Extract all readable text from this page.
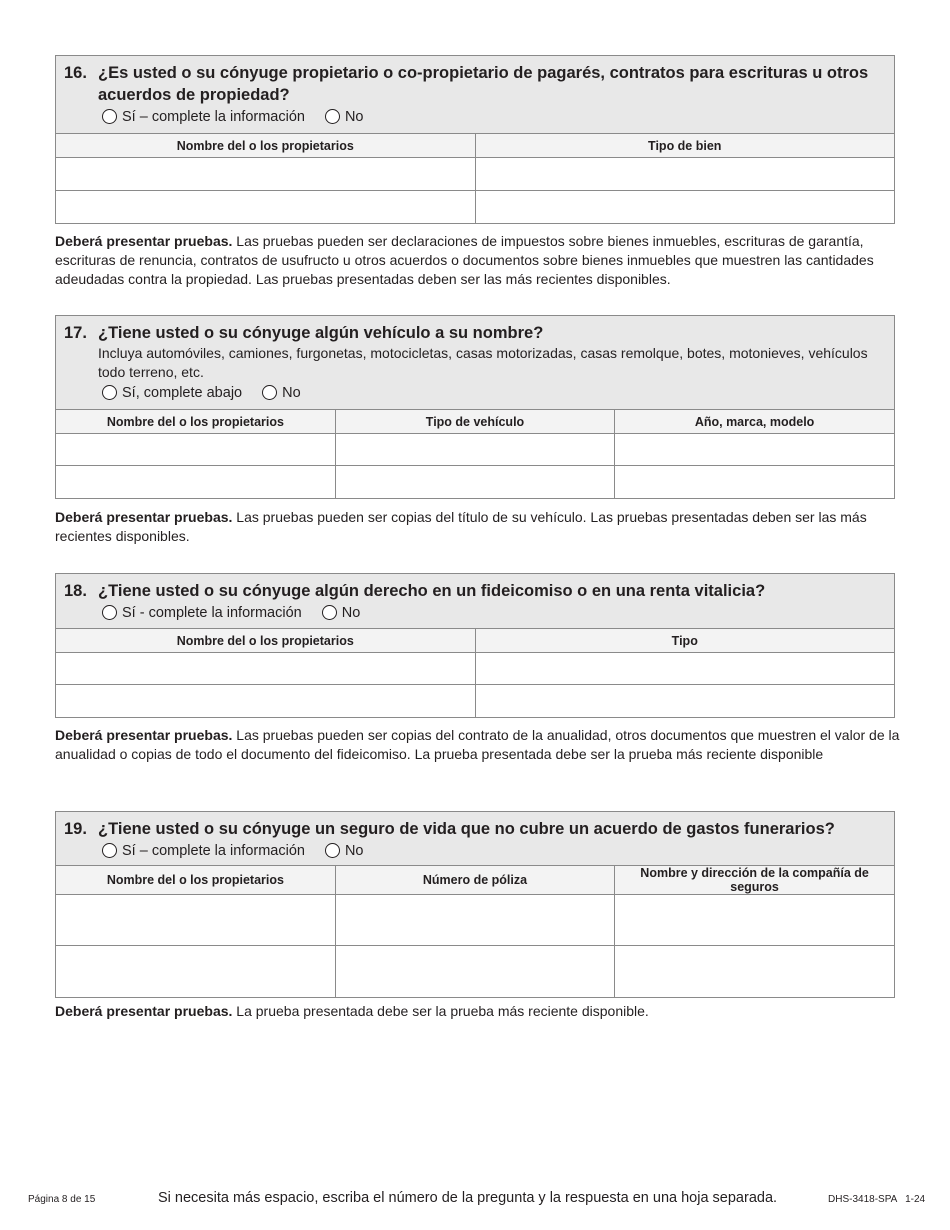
16. ¿Es usted o su cónyuge propietario o co-propietario de pagarés, contratos para escrituras u otros acuerdos de propiedad?
Sí – complete la información	No
Nombre del o los propietarios	Tipo de bien

Deberá presentar pruebas. Las pruebas pueden ser declaraciones de impuestos sobre bienes inmuebles, escrituras de garantía, escrituras de renuncia, contratos de usufructo u otros acuerdos o documentos sobre bienes inmuebles que muestren las cantidades adeudadas contra la propiedad. Las pruebas presentadas deben ser las más recientes disponibles.
17. ¿Tiene usted o su cónyuge algún vehículo a su nombre?
Incluya automóviles, camiones, furgonetas, motocicletas, casas motorizadas, casas remolque, botes, motonieves, vehículos todo terreno, etc.
Sí, complete abajo	No
Nombre del o los propietarios	Tipo de vehículo	Año, marca, modelo

Deberá presentar pruebas. Las pruebas pueden ser copias del título de su vehículo. Las pruebas presentadas deben ser las más recientes disponibles.
18. ¿Tiene usted o su cónyuge algún derecho en un fideicomiso o en una renta vitalicia?
Sí - complete la información	No
Nombre del o los propietarios	Tipo

Deberá presentar pruebas. Las pruebas pueden ser copias del contrato de la anualidad, otros documentos que muestren el valor de la anualidad o copias de todo el documento del fideicomiso. La prueba presentada debe ser la prueba más reciente disponible
19. ¿Tiene usted o su cónyuge un seguro de vida que no cubre un acuerdo de gastos funerarios?
Sí – complete la información	No
Nombre del o los propietarios	Número de póliza	Nombre y dirección de la compañía de seguros

Deberá presentar pruebas. La prueba presentada debe ser la prueba más reciente disponible.
Página 8 de 15	Si necesita más espacio, escriba el número de la pregunta y la respuesta en una hoja separada.	DHS-3418-SPA   1-24
